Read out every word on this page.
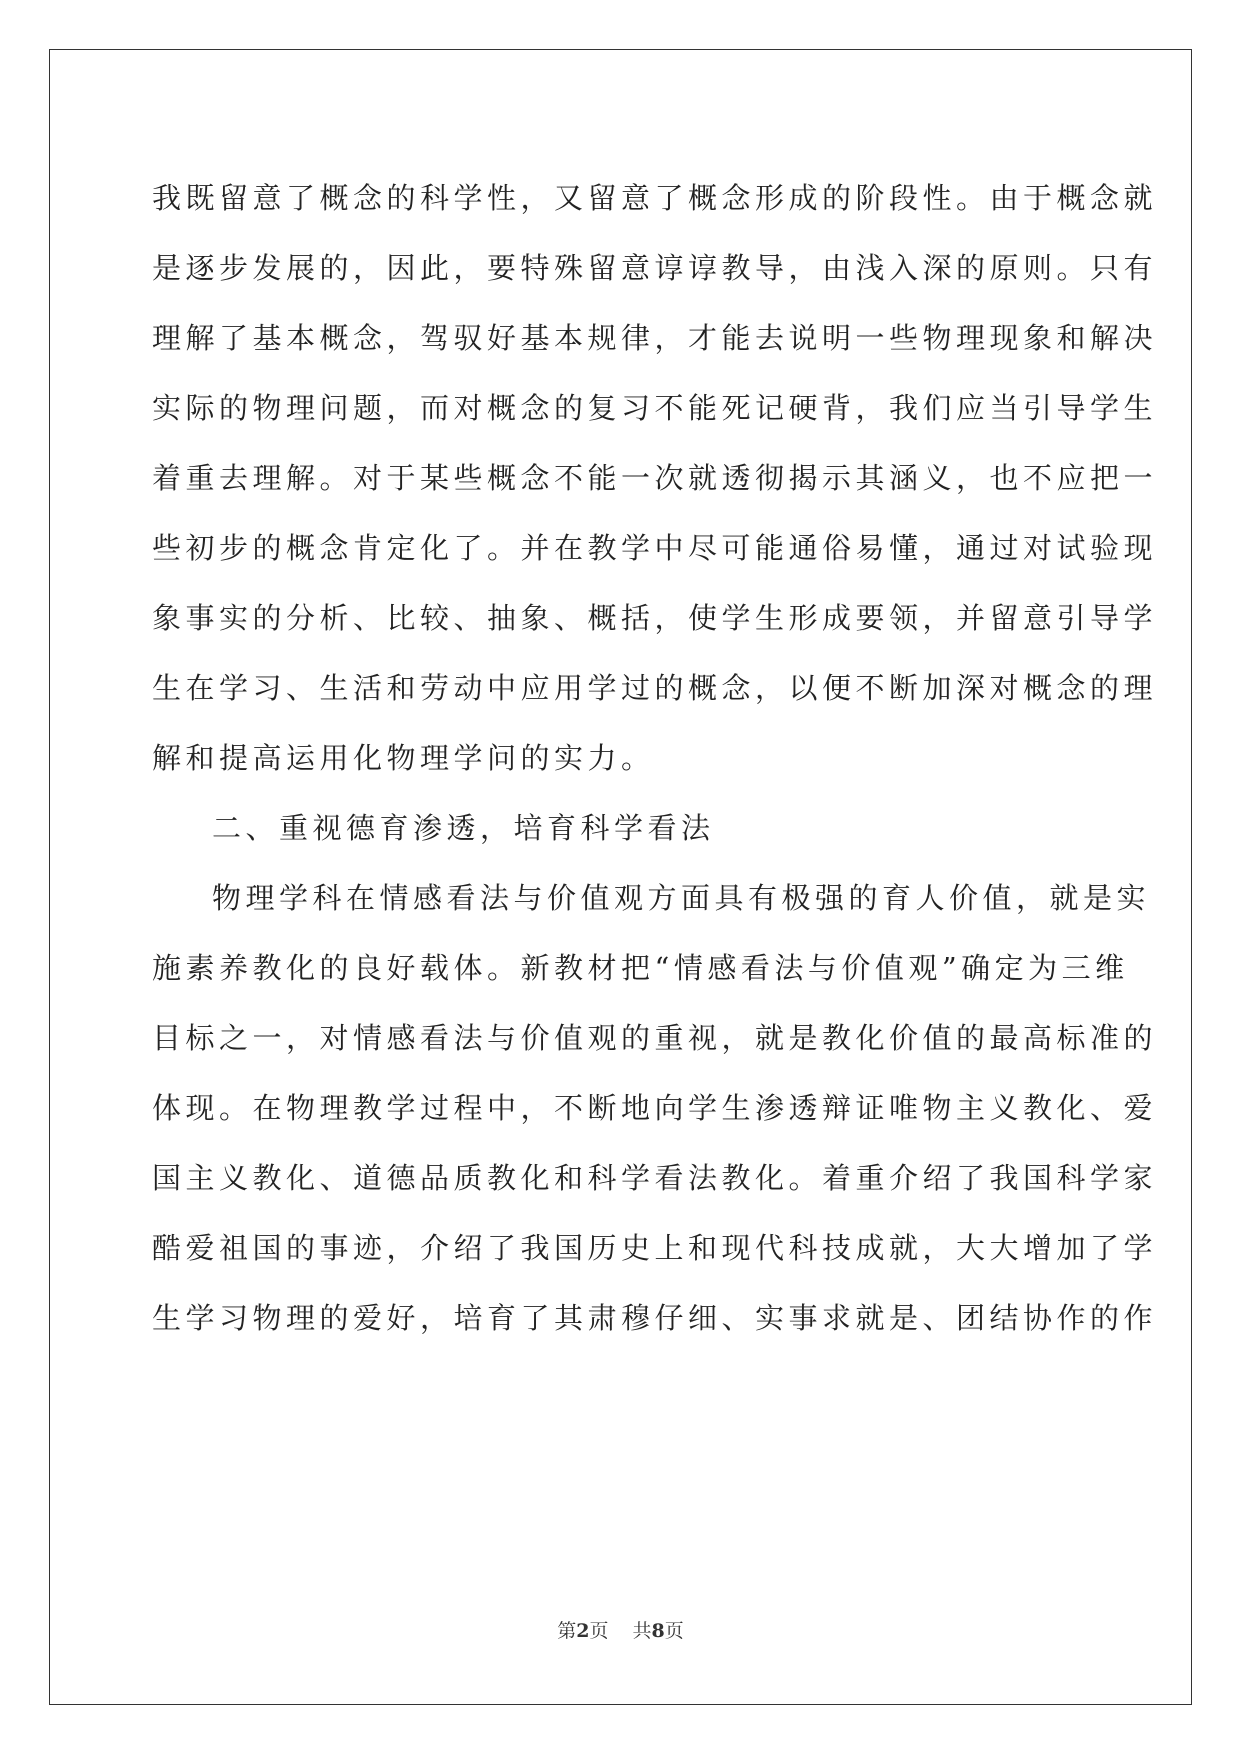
我既留意了概念的科学性，又留意了概念形成的阶段性。由于概念就
是逐步发展的，因此，要特殊留意谆谆教导，由浅入深的原则。只有
理解了基本概念，驾驭好基本规律，才能去说明一些物理现象和解决
实际的物理问题，而对概念的复习不能死记硬背，我们应当引导学生
着重去理解。对于某些概念不能一次就透彻揭示其涵义，也不应把一
些初步的概念肯定化了。并在教学中尽可能通俗易懂，通过对试验现
象事实的分析、比较、抽象、概括，使学生形成要领，并留意引导学
生在学习、生活和劳动中应用学过的概念，以便不断加深对概念的理
解和提高运用化物理学问的实力。
二、重视德育渗透，培育科学看法
物理学科在情感看法与价值观方面具有极强的育人价值，就是实
施素养教化的良好载体。新教材把“情感看法与价值观”确定为三维
目标之一，对情感看法与价值观的重视，就是教化价值的最高标准的
体现。在物理教学过程中，不断地向学生渗透辩证唯物主义教化、爱
国主义教化、道德品质教化和科学看法教化。着重介绍了我国科学家
酷爱祖国的事迹，介绍了我国历史上和现代科技成就，大大增加了学
生学习物理的爱好，培育了其肃穆仔细、实事求就是、团结协作的作
第2页 共8页
